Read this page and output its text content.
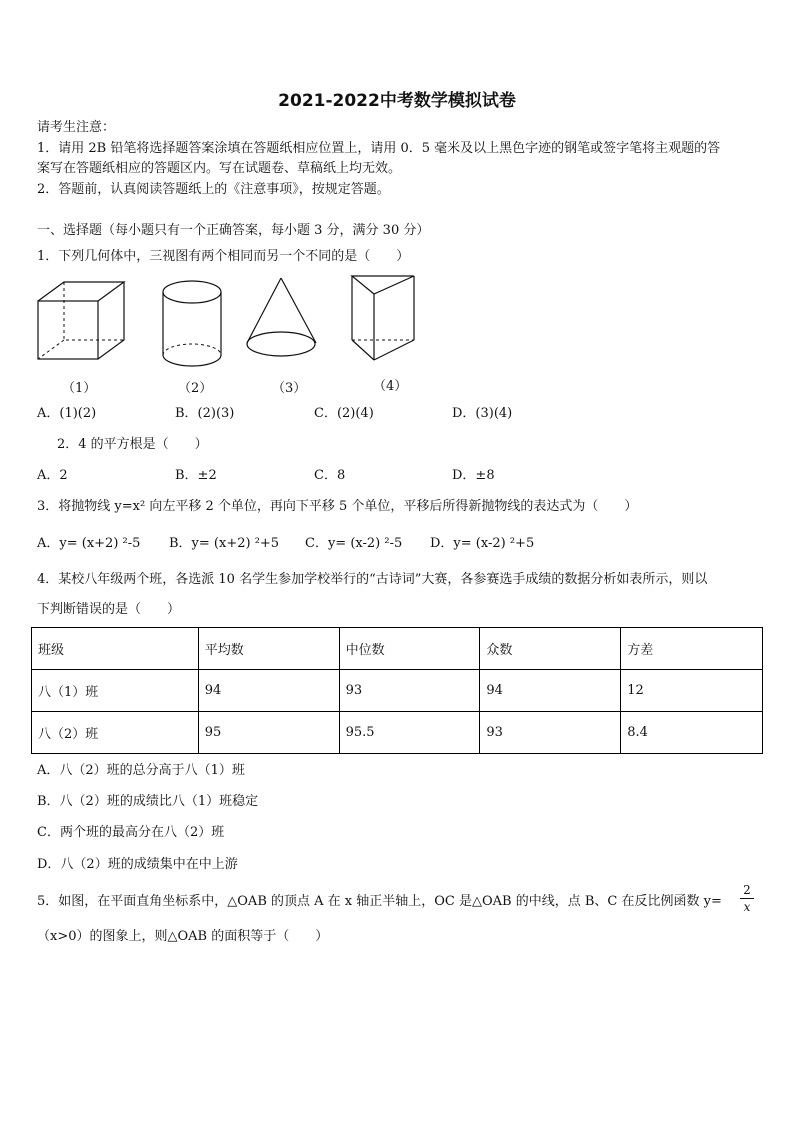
2021-2022中考数学模拟试卷
请考生注意：
1．请用 2B 铅笔将选择题答案涂填在答题纸相应位置上，请用 0．5 毫米及以上黑色字迹的钢笔或签字笔将主观题的答
案写在答题纸相应的答题区内。写在试题卷、草稿纸上均无效。
2．答题前，认真阅读答题纸上的《注意事项》，按规定答题。
一、选择题（每小题只有一个正确答案，每小题 3 分，满分 30 分）
1．下列几何体中，三视图有两个相同而另一个不同的是（　　）
（1）	（2）	（3）	（4）
A．(1)(2)	B．(2)(3)	C．(2)(4)	D．(3)(4)
2．4 的平方根是（　　）
A．2	B．±2	C．8	D．±8
3．将抛物线 y=x² 向左平移 2 个单位，再向下平移 5 个单位，平移后所得新抛物线的表达式为（　　）
A．y= (x+2) ²-5 B．y= (x+2) ²+5 C．y= (x-2) ²-5 D．y= (x-2) ²+5
4．某校八年级两个班，各选派 10 名学生参加学校举行的“古诗词”大赛，各参赛选手成绩的数据分析如表所示，则以
下判断错误的是（　　）
班级	平均数	中位数	众数	方差
八（1）班	94	93	94	12
八（2）班	95	95.5	93	8.4
A．八（2）班的总分高于八（1）班
B．八（2）班的成绩比八（1）班稳定
C．两个班的最高分在八（2）班
D．八（2）班的成绩集中在中上游
5．如图，在平面直角坐标系中，△OAB 的顶点 A 在 x 轴正半轴上，OC 是△OAB 的中线，点 B、C 在反比例函数 y=
2
x
（x>0）的图象上，则△OAB 的面积等于（　　）
